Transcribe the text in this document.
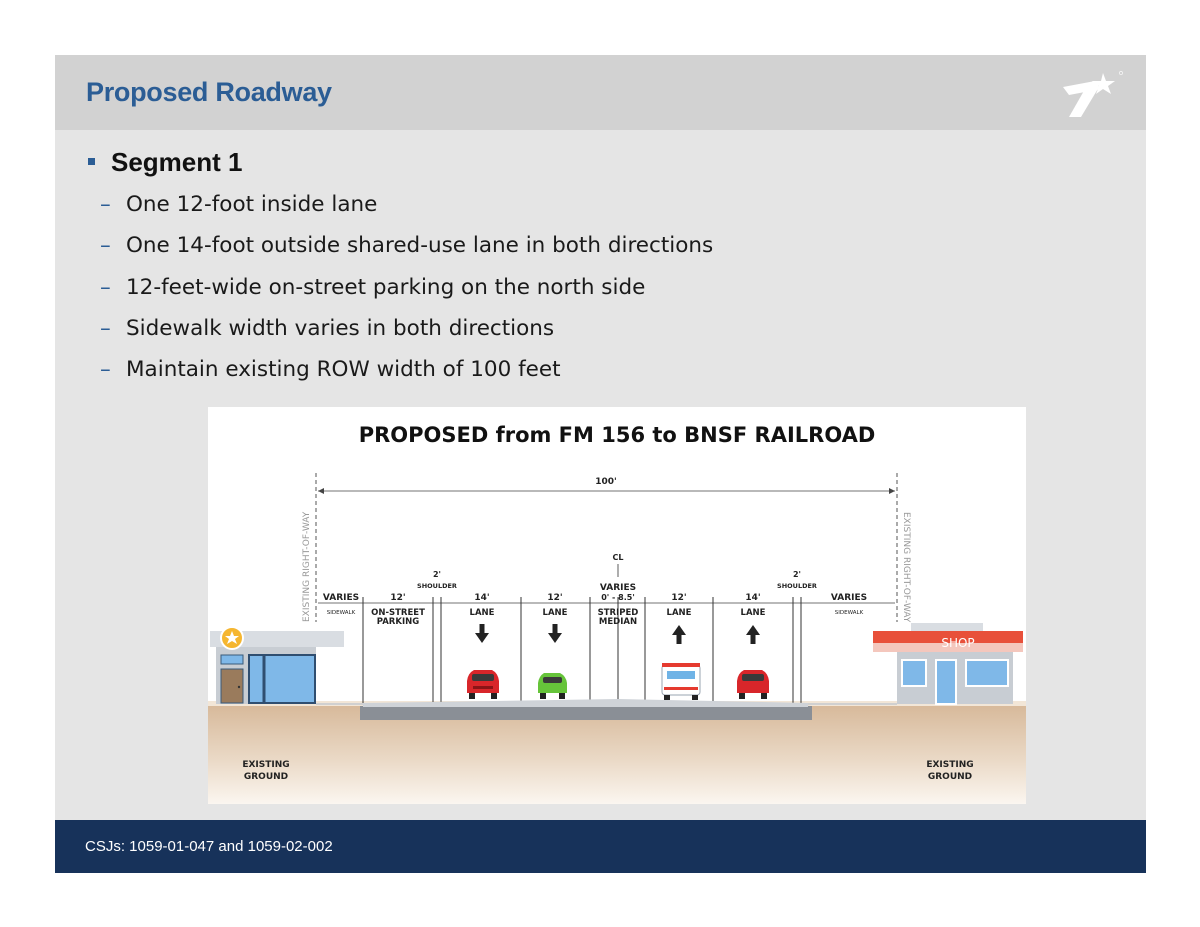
Proposed Roadway
Segment 1
– One 12-foot inside lane
– One 14-foot outside shared-use lane in both directions
– 12-feet-wide on-street parking on the north side
– Sidewalk width varies in both directions
– Maintain existing ROW width of 100 feet
PROPOSED from FM 156 to BNSF RAILROAD
EXISTING RIGHT-OF-WAY	EXISTING RIGHT-OF-WAY
100'
CL
2'
SHOULDER
2'
SHOULDER
VARIES	12'	14'	12'
VARIES
0' - 8.5'	12'	14'	VARIES
SIDEWALK ON-STREET
PARKING
LANE	LANE	STRIPED
MEDIAN
LANE	LANE	SIDEWALK
SHOP
EXISTING
GROUND
EXISTING
GROUND
CSJs: 1059-01-047 and 1059-02-002
